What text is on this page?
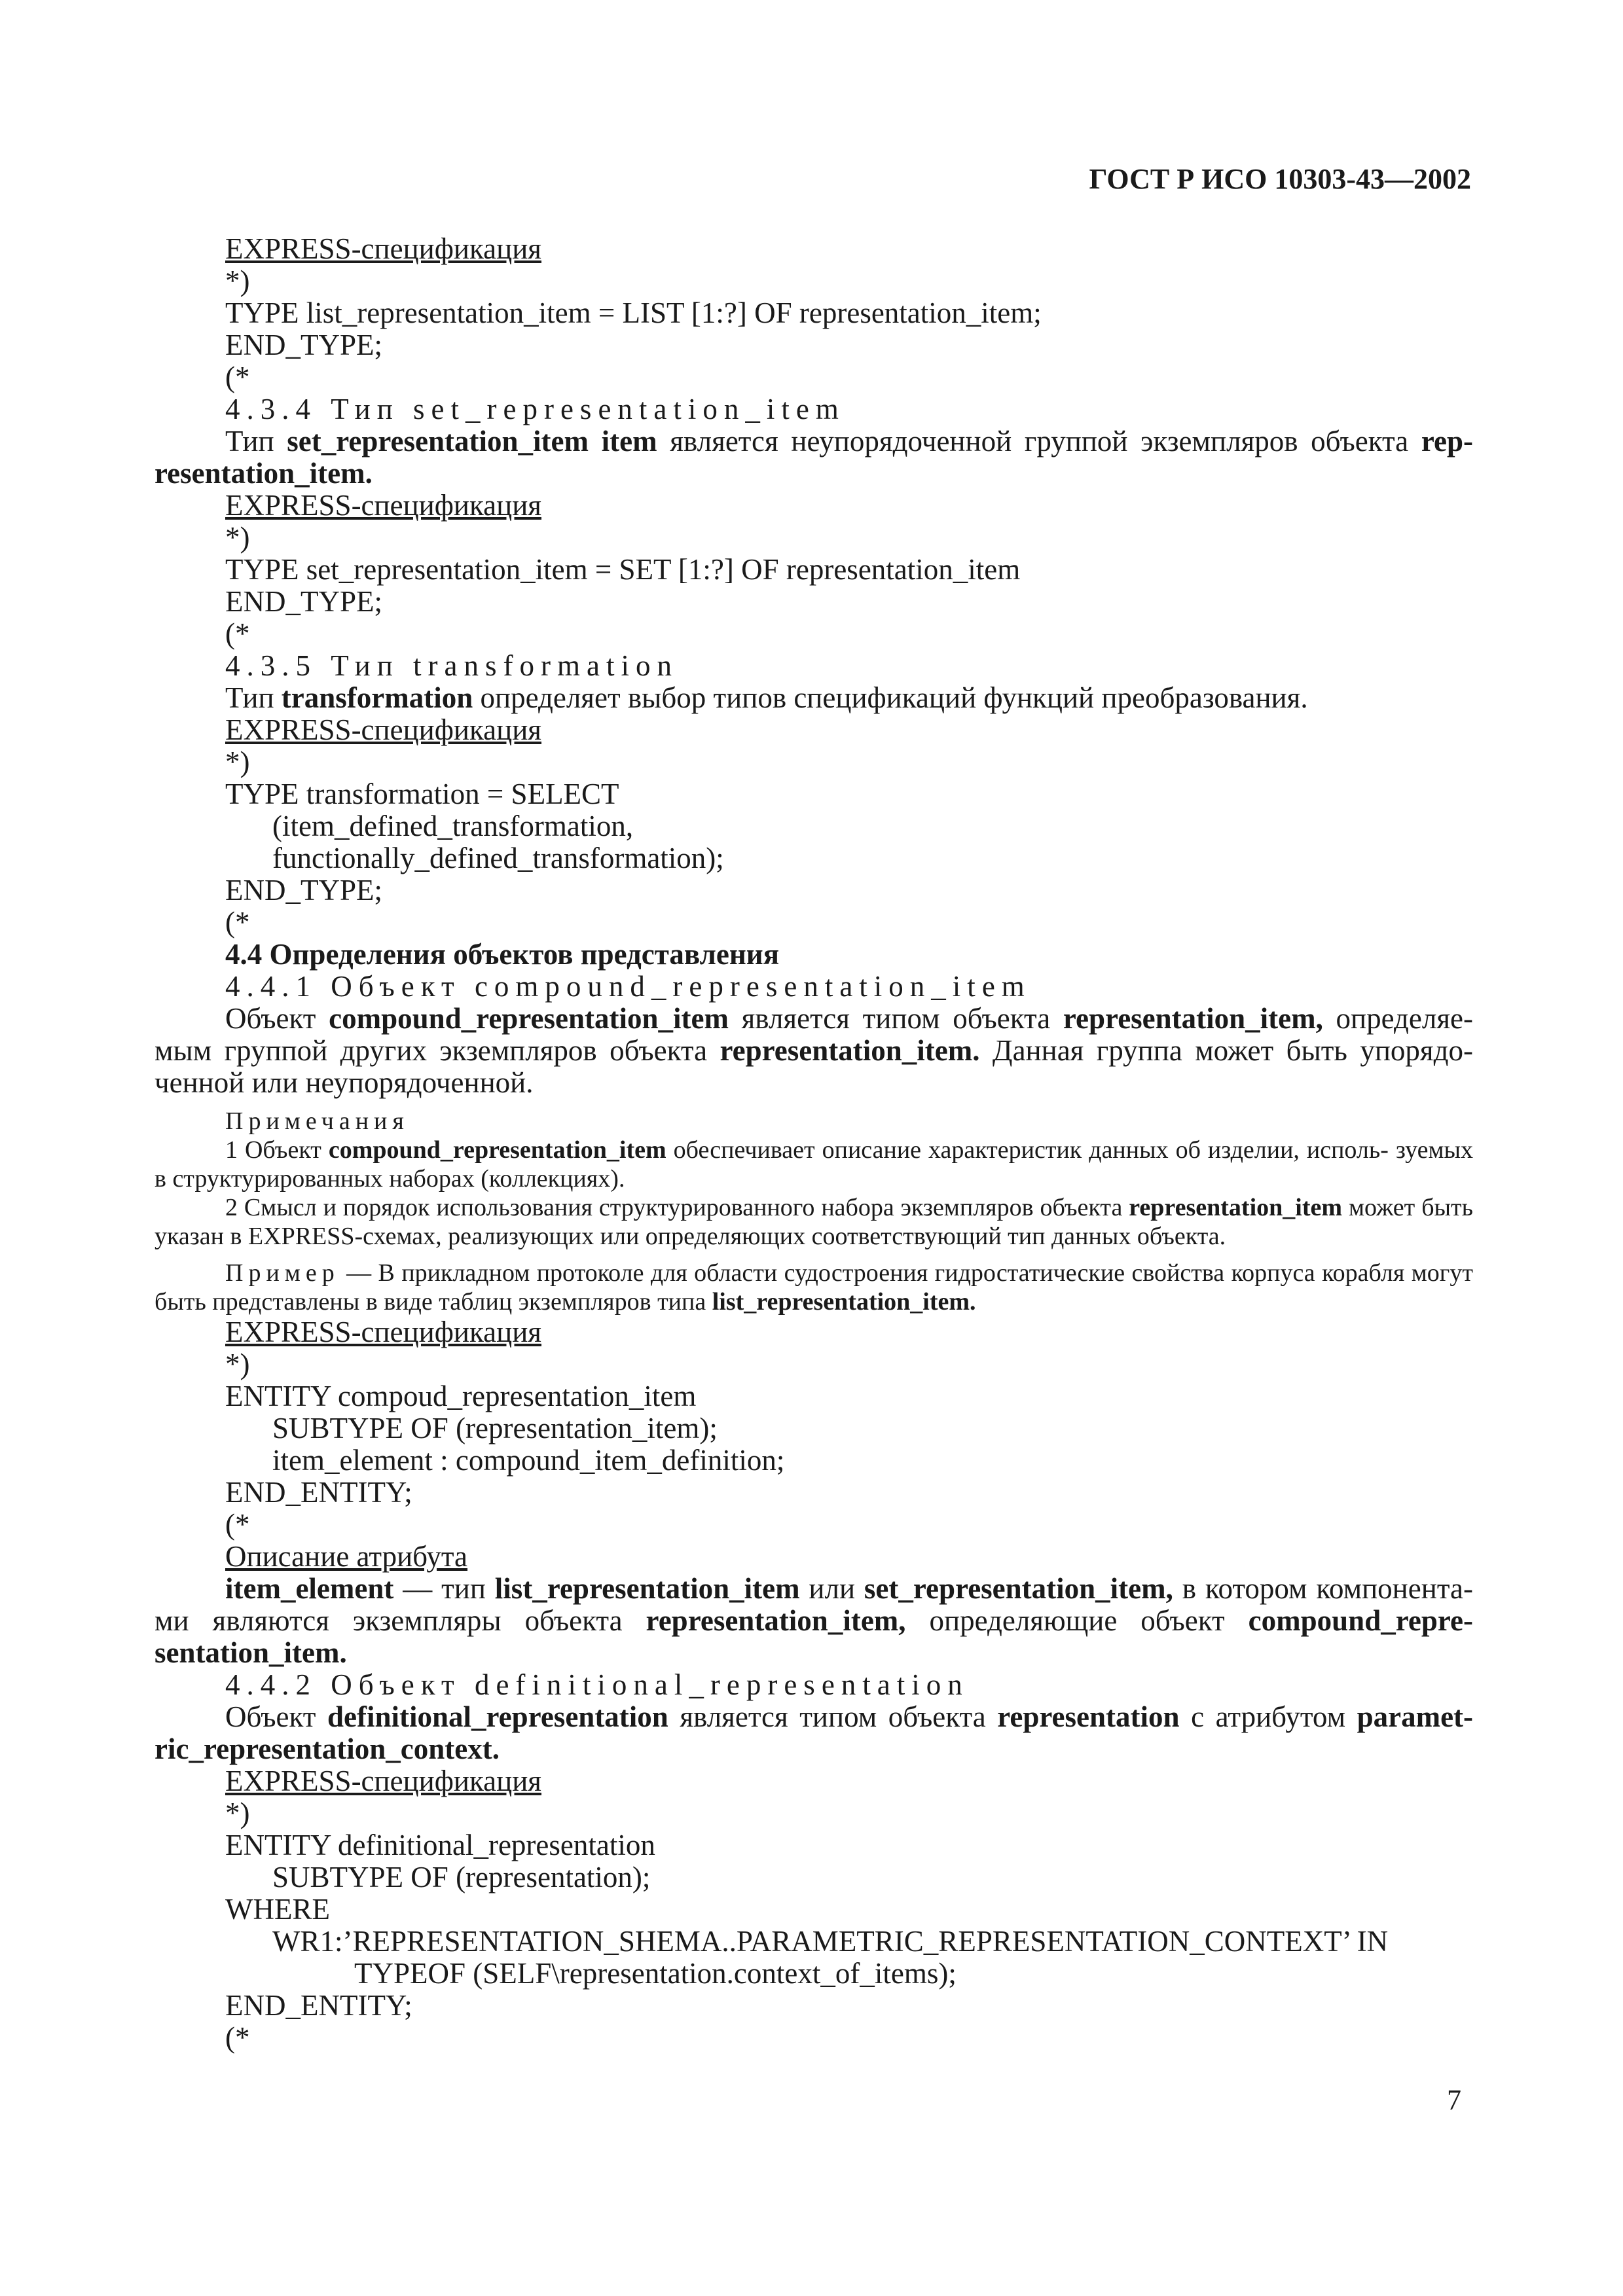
ГОСТ Р ИСО 10303-43—2002

EXPRESS-спецификация

*)

TYPE list_representation_item = LIST [1:?] OF representation_item;

END_TYPE;

(*

4.3.4 Тип set_representation_item

Тип set_representation_item item является неупорядоченной группой экземпляров объекта rep- resentation_item.

EXPRESS-спецификация

*)

TYPE set_representation_item = SET [1:?] OF representation_item

END_TYPE;

(*

4.3.5 Тип transformation

Тип transformation определяет выбор типов спецификаций функций преобразования.

EXPRESS-спецификация

*)

TYPE transformation = SELECT

(item_defined_transformation,

functionally_defined_transformation);

END_TYPE;

(*

4.4 Определения объектов представления

4.4.1 Объект compound_representation_item

Объект compound_representation_item является типом объекта representation_item, определяе- мым группой других экземпляров объекта representation_item. Данная группа может быть упорядо- ченной или неупорядоченной.

Примечания

1 Объект compound_representation_item обеспечивает описание характеристик данных об изделии, исполь- зуемых в структурированных наборах (коллекциях).

2 Смысл и порядок использования структурированного набора экземпляров объекта representation_item может быть указан в EXPRESS-схемах, реализующих или определяющих соответствующий тип данных объекта.

Пример — В прикладном протоколе для области судостроения гидростатические свойства корпуса корабля могут быть представлены в виде таблиц экземпляров типа list_representation_item.

EXPRESS-спецификация

*)

ENTITY compoud_representation_item

SUBTYPE OF (representation_item);

item_element : compound_item_definition;

END_ENTITY;

(*

Описание атрибута

item_element — тип list_representation_item или set_representation_item, в котором компонента- ми являются экземпляры объекта representation_item, определяющие объект compound_repre- sentation_item.

4.4.2 Объект definitional_representation

Объект definitional_representation является типом объекта representation с атрибутом paramet- ric_representation_context.

EXPRESS-спецификация

*)

ENTITY definitional_representation

SUBTYPE OF (representation);

WHERE

WR1:’REPRESENTATION_SHEMA..PARAMETRIC_REPRESENTATION_CONTEXT’ IN

TYPEOF (SELF\representation.context_of_items);

END_ENTITY;

(*

7
